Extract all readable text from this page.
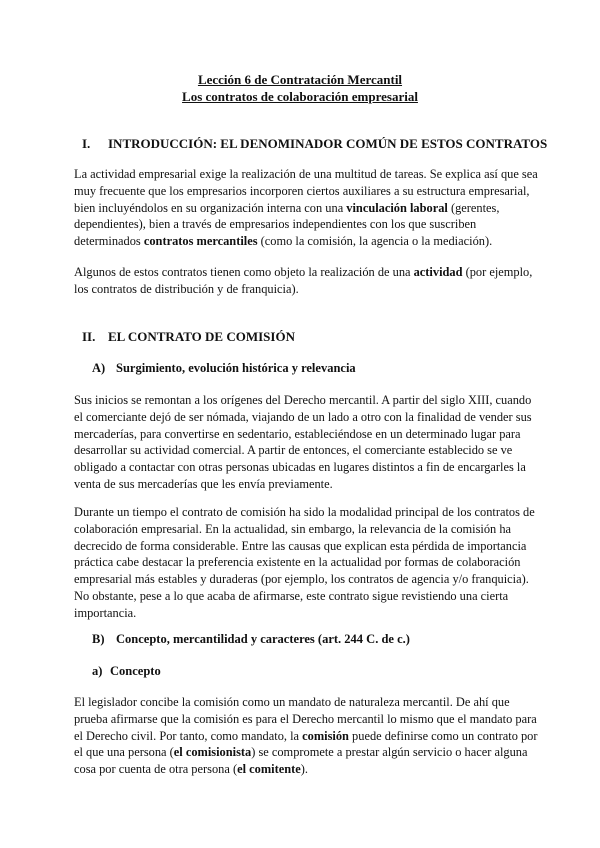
Lección 6 de Contratación Mercantil
Los contratos de colaboración empresarial
I. INTRODUCCIÓN: EL DENOMINADOR COMÚN DE ESTOS CONTRATOS
La actividad empresarial exige la realización de una multitud de tareas. Se explica así que sea
muy frecuente que los empresarios incorporen ciertos auxiliares a su estructura empresarial,
bien incluyéndolos en su organización interna con una vinculación laboral (gerentes,
dependientes), bien a través de empresarios independientes con los que suscriben
determinados contratos mercantiles (como la comisión, la agencia o la mediación).
Algunos de estos contratos tienen como objeto la realización de una actividad (por ejemplo,
los contratos de distribución y de franquicia).
II. EL CONTRATO DE COMISIÓN
A) Surgimiento, evolución histórica y relevancia
Sus inicios se remontan a los orígenes del Derecho mercantil. A partir del siglo XIII, cuando
el comerciante dejó de ser nómada, viajando de un lado a otro con la finalidad de vender sus
mercaderías, para convertirse en sedentario, estableciéndose en un determinado lugar para
desarrollar su actividad comercial. A partir de entonces, el comerciante establecido se ve
obligado a contactar con otras personas ubicadas en lugares distintos a fin de encargarles la
venta de sus mercaderías que les envía previamente.
Durante un tiempo el contrato de comisión ha sido la modalidad principal de los contratos de
colaboración empresarial. En la actualidad, sin embargo, la relevancia de la comisión ha
decrecido de forma considerable. Entre las causas que explican esta pérdida de importancia
práctica cabe destacar la preferencia existente en la actualidad por formas de colaboración
empresarial más estables y duraderas (por ejemplo, los contratos de agencia y/o franquicia).
No obstante, pese a lo que acaba de afirmarse, este contrato sigue revistiendo una cierta
importancia.
B) Concepto, mercantilidad y caracteres (art. 244 C. de c.)
a) Concepto
El legislador concibe la comisión como un mandato de naturaleza mercantil. De ahí que
prueba afirmarse que la comisión es para el Derecho mercantil lo mismo que el mandato para
el Derecho civil. Por tanto, como mandato, la comisión puede definirse como un contrato por
el que una persona (el comisionista) se compromete a prestar algún servicio o hacer alguna
cosa por cuenta de otra persona (el comitente).
